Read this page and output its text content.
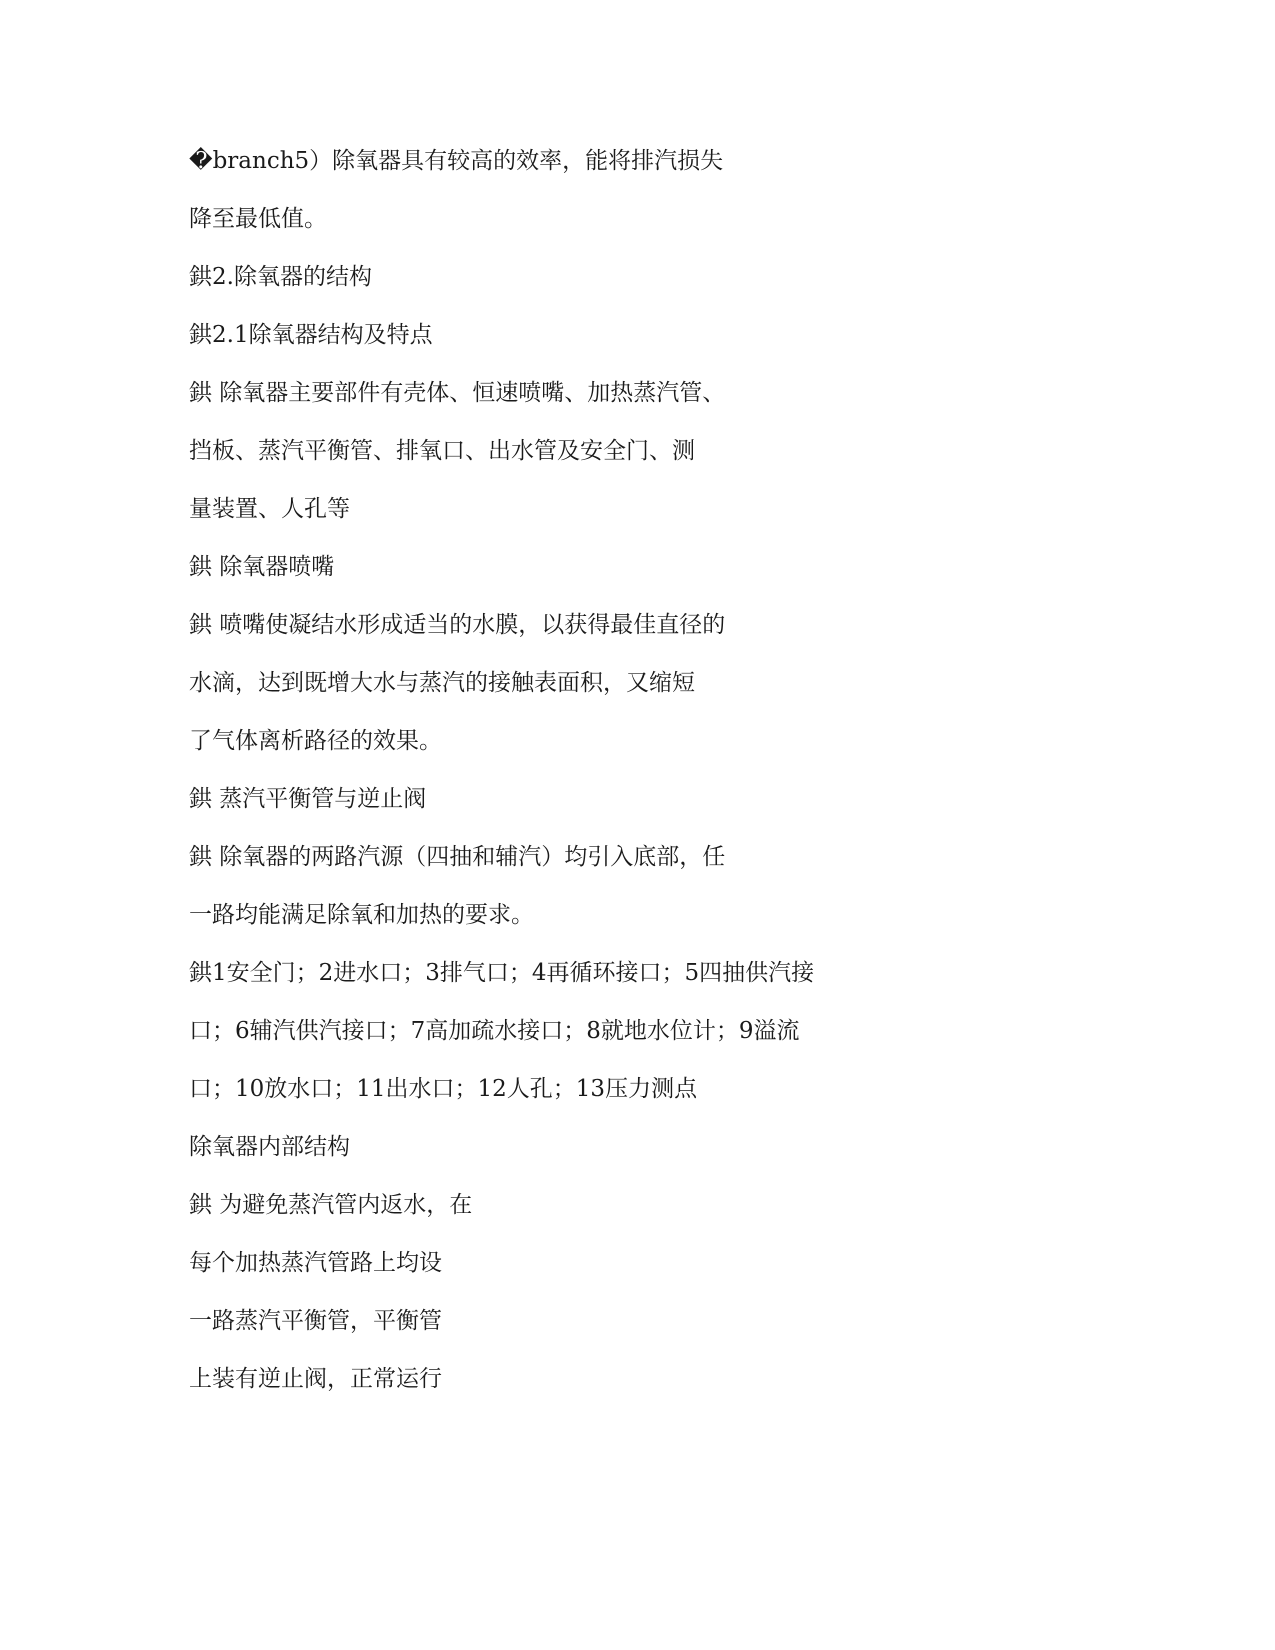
�branch5）除氧器具有较高的效率，能将排汽损失

降至最低值。

鉷2.除氧器的结构

鉷2.1除氧器结构及特点

鉷 除氧器主要部件有壳体、恒速喷嘴、加热蒸汽管、

挡板、蒸汽平衡管、排氧口、出水管及安全门、测

量装置、人孔等

鉷 除氧器喷嘴

鉷 喷嘴使凝结水形成适当的水膜，以获得最佳直径的

水滴，达到既增大水与蒸汽的接触表面积，又缩短

了气体离析路径的效果。

鉷 蒸汽平衡管与逆止阀

鉷 除氧器的两路汽源（四抽和辅汽）均引入底部，任

一路均能满足除氧和加热的要求。

鉷1安全门；2进水口；3排气口；4再循环接口；5四抽供汽接

口；6辅汽供汽接口；7高加疏水接口；8就地水位计；9溢流

口；10放水口；11出水口；12人孔；13压力测点

除氧器内部结构

鉷 为避免蒸汽管内返水，在

每个加热蒸汽管路上均设

一路蒸汽平衡管，平衡管

上装有逆止阀，正常运行
